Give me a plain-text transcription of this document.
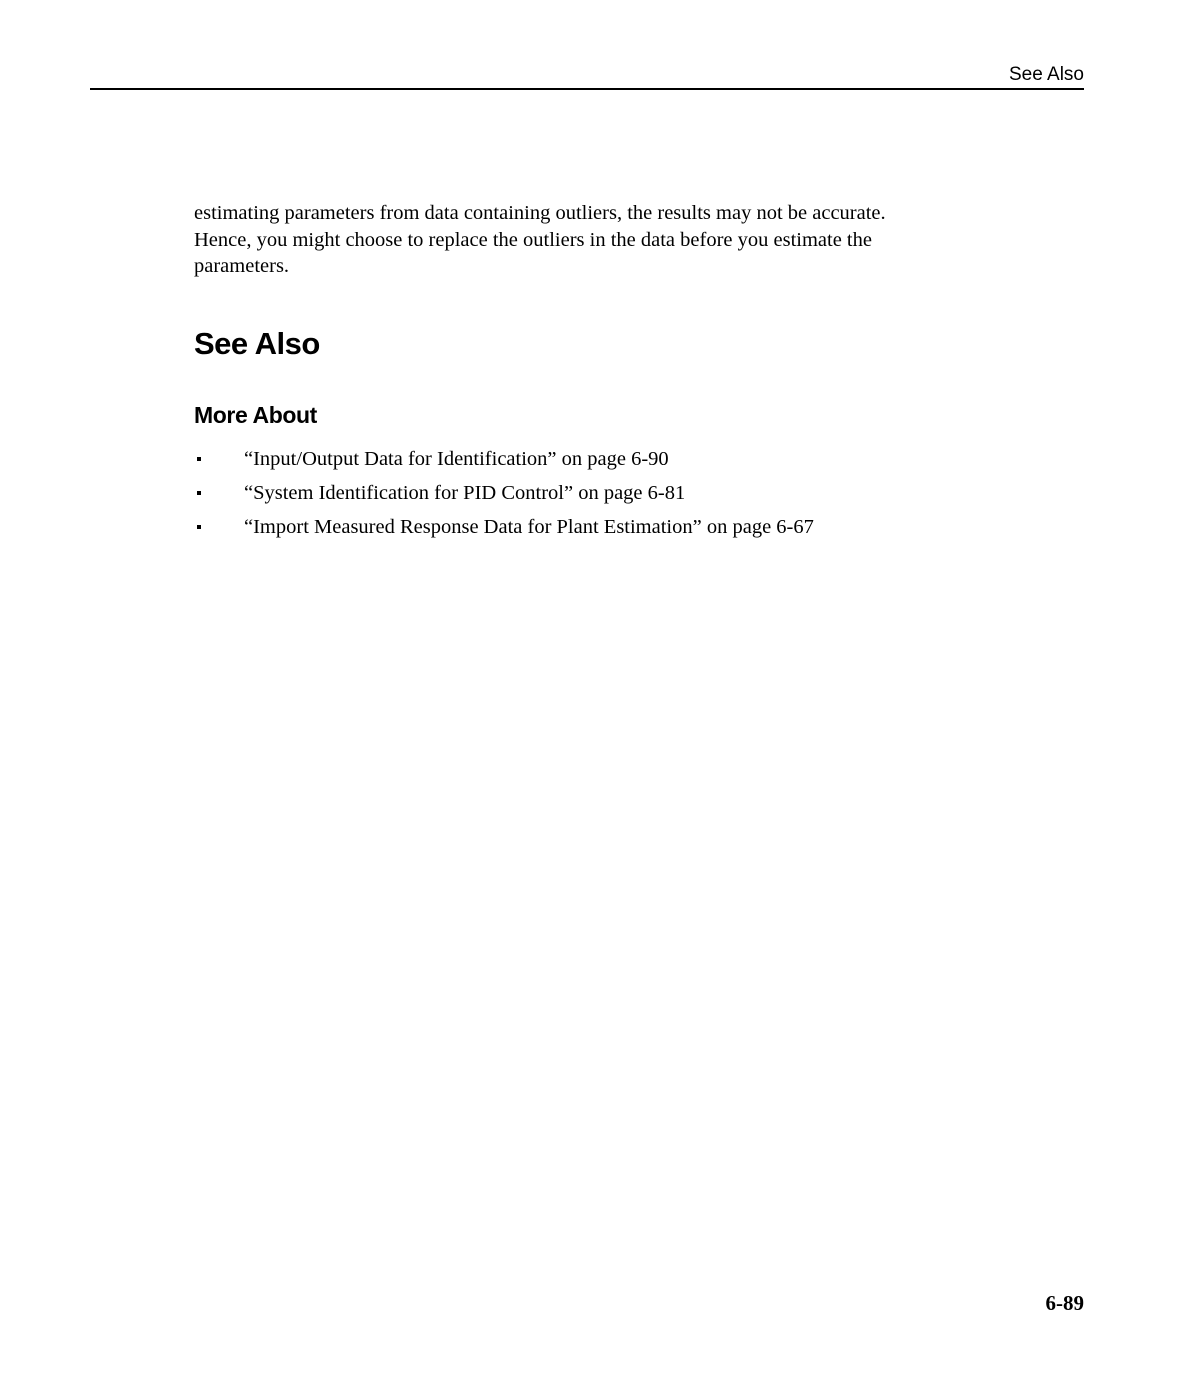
See Also

estimating parameters from data containing outliers, the results may not be accurate.
Hence, you might choose to replace the outliers in the data before you estimate the
parameters.

See Also
More About
“Input/Output Data for Identification” on page 6-90
“System Identification for PID Control” on page 6-81
“Import Measured Response Data for Plant Estimation” on page 6-67
6-89
